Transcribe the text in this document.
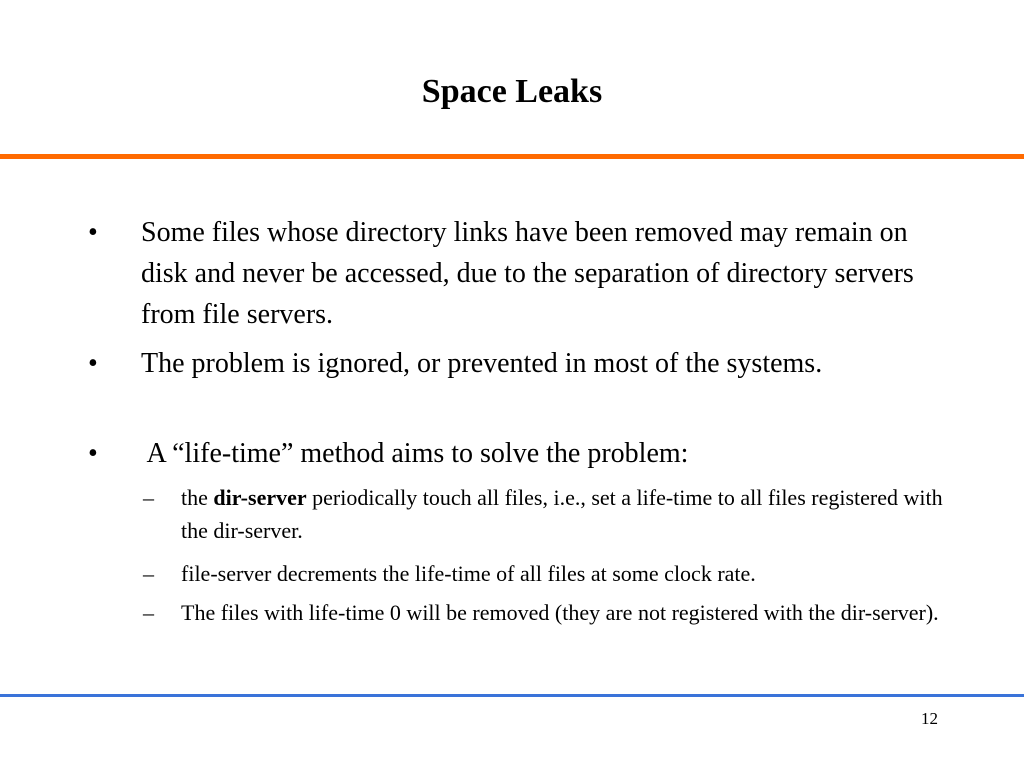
Space Leaks
• Some files whose directory links have been removed may remain on disk and never be accessed, due to the separation of directory servers from file servers.
• The problem is ignored, or prevented in most of the systems.
• A “life-time” method aims to solve the problem:
– the dir-server periodically touch all files, i.e., set a life-time to all files registered with the dir-server.
– file-server decrements the life-time of all files at some clock rate.
– The files with life-time 0 will be removed (they are not registered with the dir-server).
12
